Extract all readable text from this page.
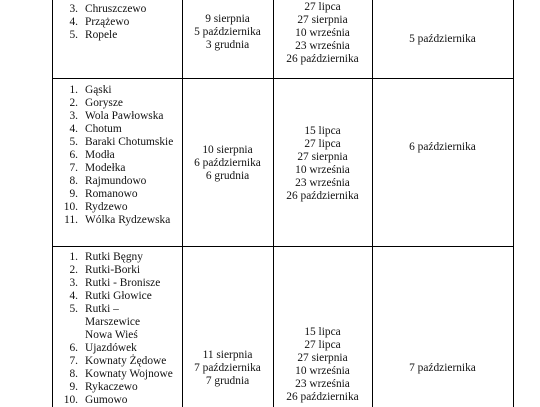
3. Chruszczewo
4. Przążewo
5. Ropele
9 sierpnia
5 października
3 grudnia
27 lipca
27 sierpnia
10 września
23 września
26 października
5 października
1. Gąski
2. Gorysze
3. Wola Pawłowska
4. Chotum
5. Baraki Chotumskie
6. Modła
7. Modełka
8. Rajmundowo
9. Romanowo
10. Rydzewo
11. Wólka Rydzewska
10 sierpnia
6 października
6 grudnia
15 lipca
27 lipca
27 sierpnia
10 września
23 września
26 października
6 października
1. Rutki Bęgny
2. Rutki-Borki
3. Rutki - Bronisze
4. Rutki Głowice
5. Rutki –
Marszewice
Nowa Wieś
6. Ujazdówek
7. Kownaty Żędowe
8. Kownaty Wojnowe
9. Rykaczewo
10. Gumowo
11 sierpnia
7 października
7 grudnia
15 lipca
27 lipca
27 sierpnia
10 września
23 września
26 października
7 października
